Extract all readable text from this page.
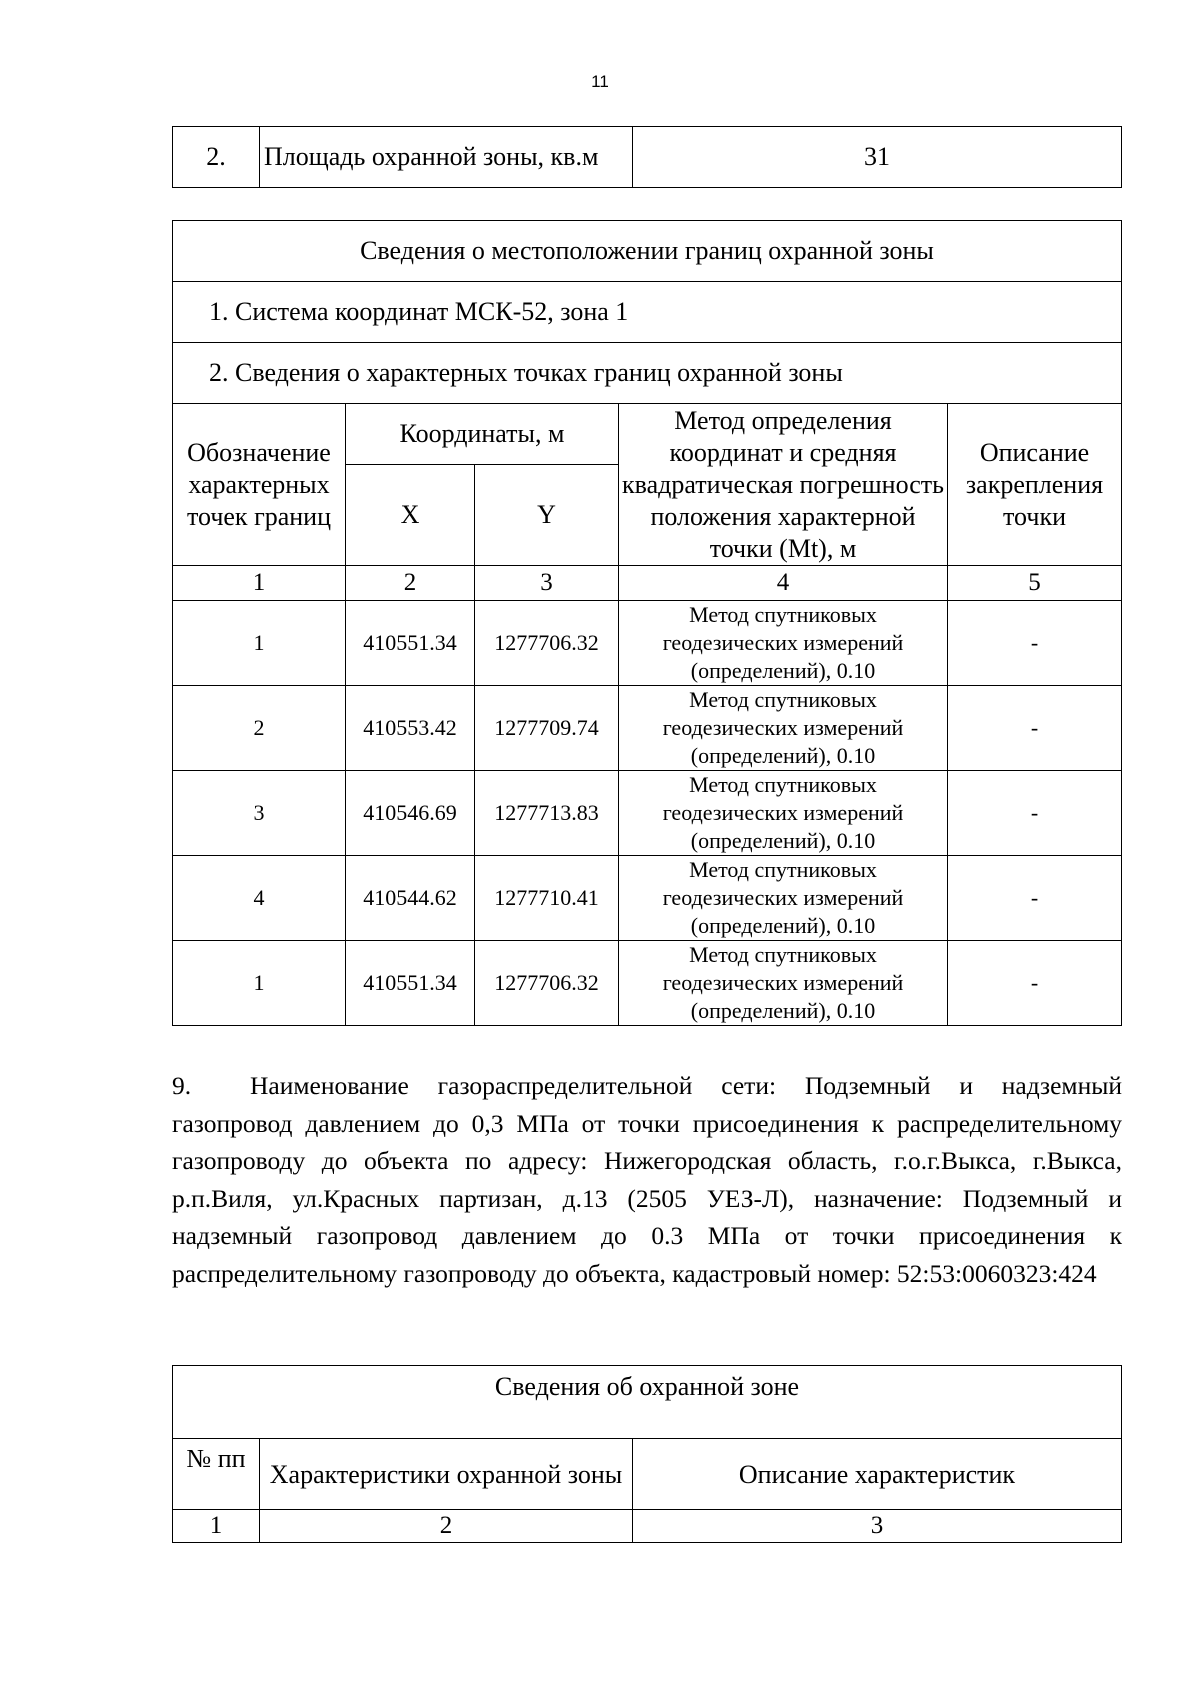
11
2.	Площадь охранной зоны, кв.м	31
Сведения о местоположении границ охранной зоны				
1. Система координат МСК-52, зона 1				
2. Сведения о характерных точках границ охранной зоны				
Обозначение характерных точек границ	Координаты, м		Метод определения координат и средняя квадратическая погрешность положения характерной точки (Mt), м	Описание закрепления точки
	X	Y		
1	2	3	4	5
1	410551.34	1277706.32	Метод спутниковых геодезических измерений (определений), 0.10	-
2	410553.42	1277709.74	Метод спутниковых геодезических измерений (определений), 0.10	-
3	410546.69	1277713.83	Метод спутниковых геодезических измерений (определений), 0.10	-
4	410544.62	1277710.41	Метод спутниковых геодезических измерений (определений), 0.10	-
1	410551.34	1277706.32	Метод спутниковых геодезических измерений (определений), 0.10	-

9. Наименование газораспределительной сети: Подземный и надземный газопровод давлением до 0,3 МПа от точки присоединения к распределительному газопроводу до объекта по адресу: Нижегородская область, г.о.г.Выкса, г.Выкса, р.п.Виля, ул.Красных партизан, д.13 (2505 УЕЗ-Л), назначение: Подземный и надземный газопровод давлением до 0.3 МПа от точки присоединения к распределительному газопроводу до объекта, кадастровый номер: 52:53:0060323:424

Сведения об охранной зоне		
№ пп	Характеристики охранной зоны	Описание характеристик
1	2	3
